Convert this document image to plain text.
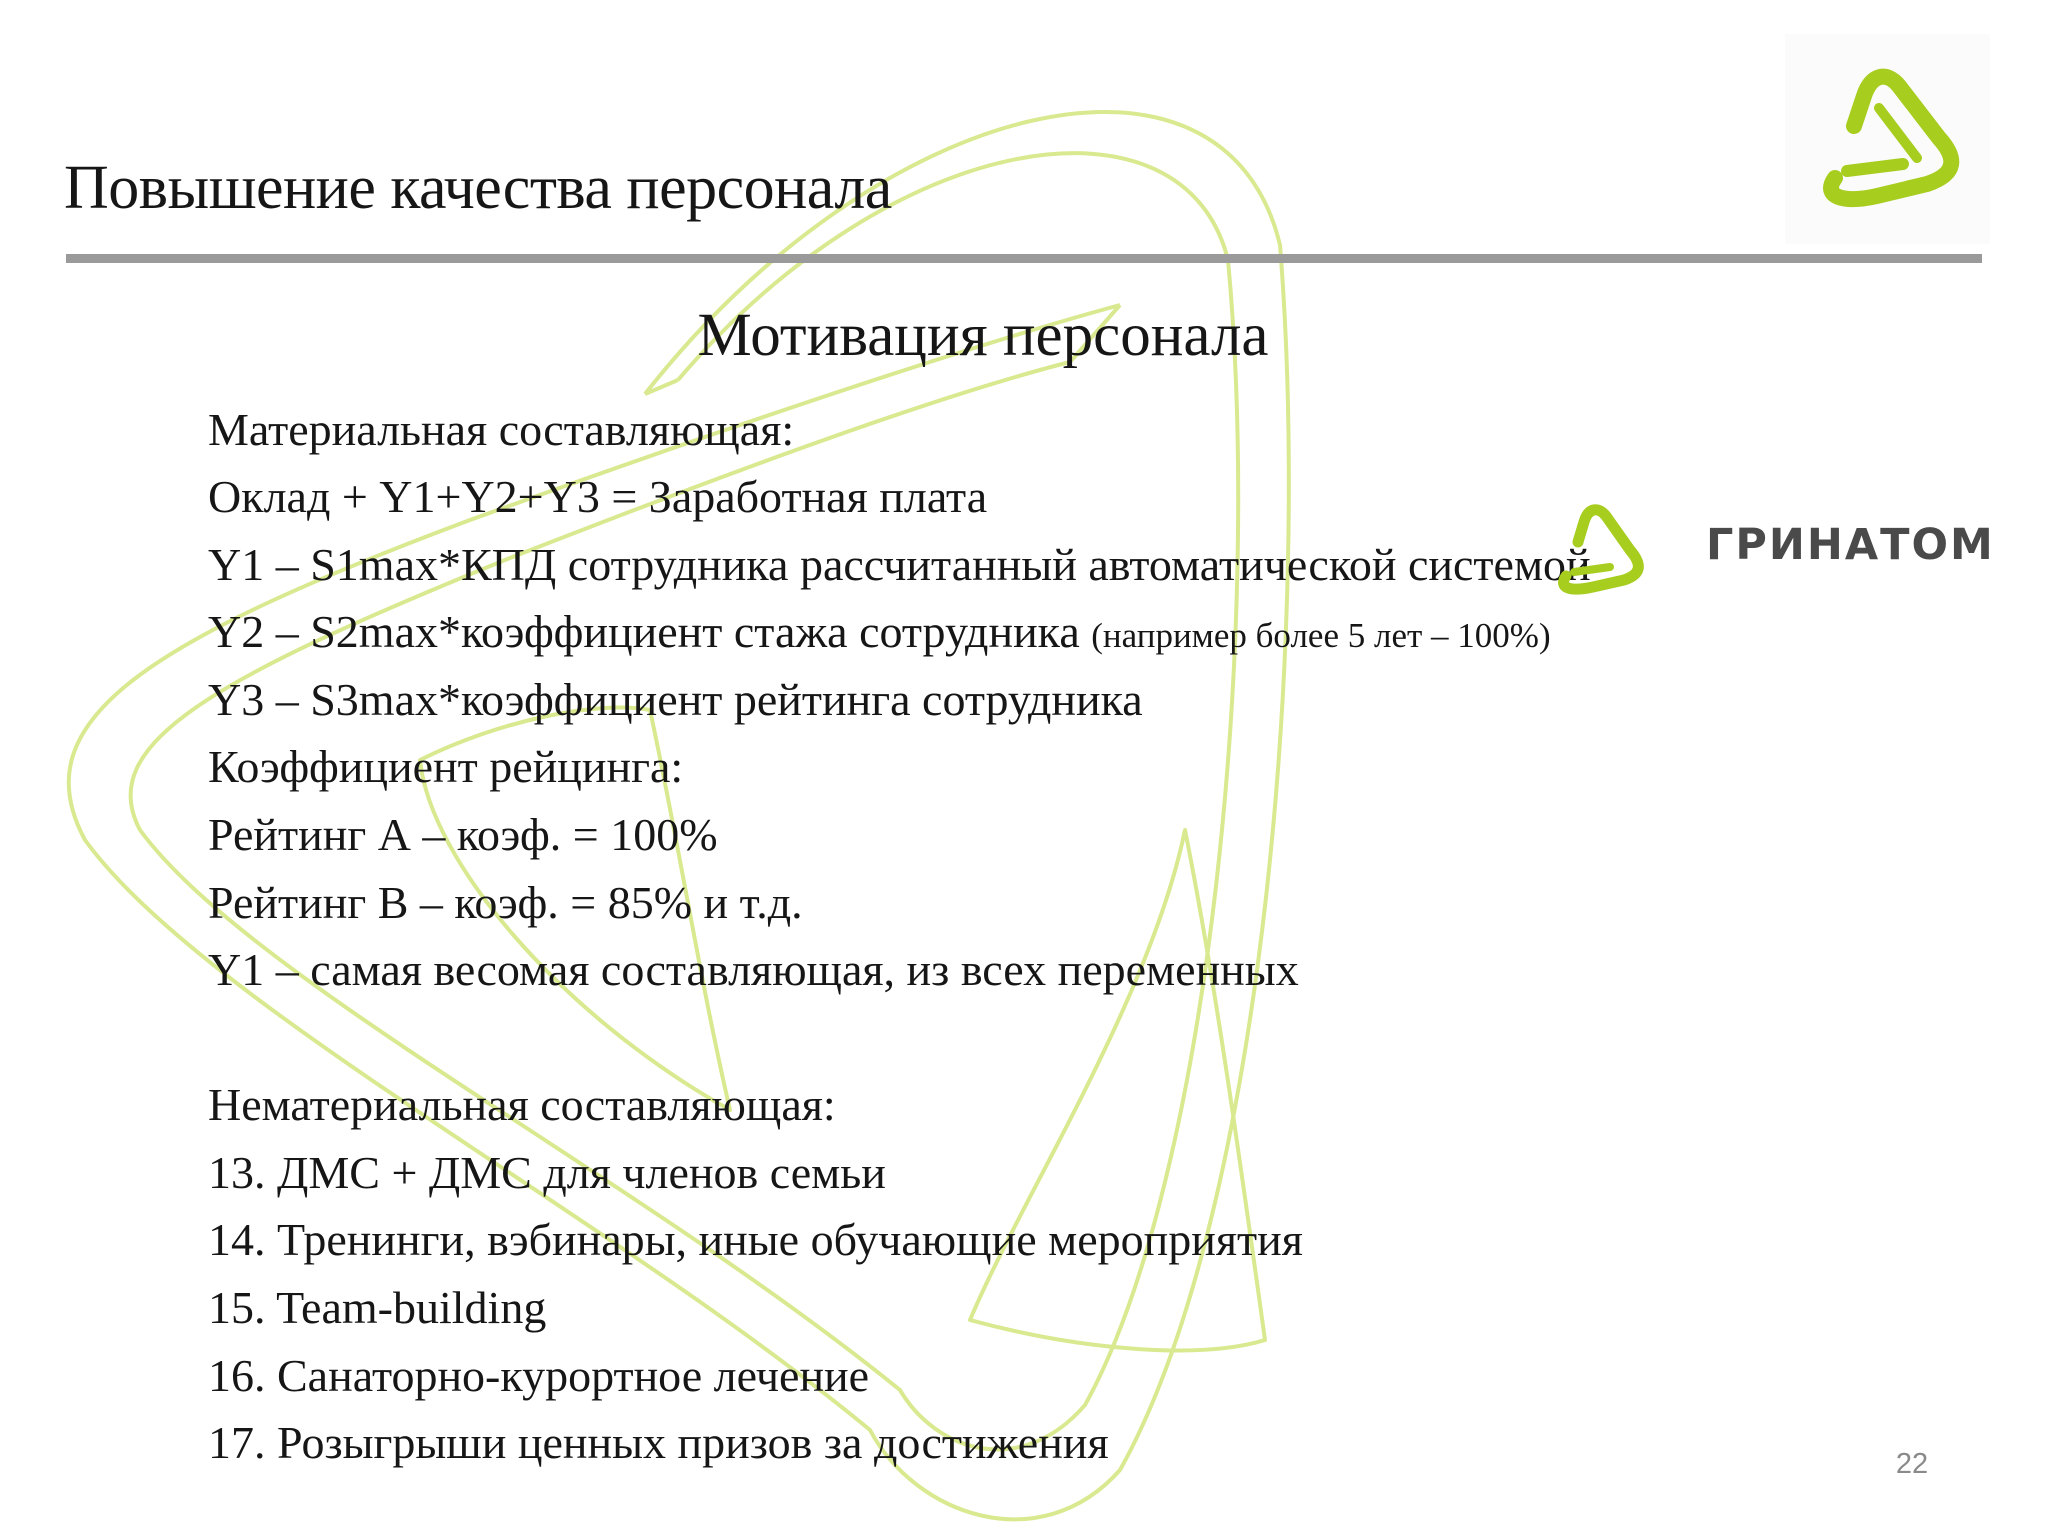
Повышение качества персонала
Мотивация персонала

Материальная составляющая:

Оклад + Y1+Y2+Y3 = Заработная плата

Y1 – S1max*КПД сотрудника рассчитанный автоматической системой

Y2 – S2max*коэффициент стажа сотрудника (например более 5 лет – 100%)

Y3 – S3max*коэффициент рейтинга сотрудника

Коэффициент рейцинга:

Рейтинг А – коэф. = 100%

Рейтинг В – коэф. = 85% и т.д.

Y1 – самая весомая составляющая, из всех переменных

Нематериальная составляющая:

13. ДМС + ДМС для членов семьи

14. Тренинги, вэбинары, иные обучающие мероприятия

15. Team-building

16. Санаторно-курортное лечение

17. Розыгрыши ценных призов за достижения

ГРИНАТОМ
22
